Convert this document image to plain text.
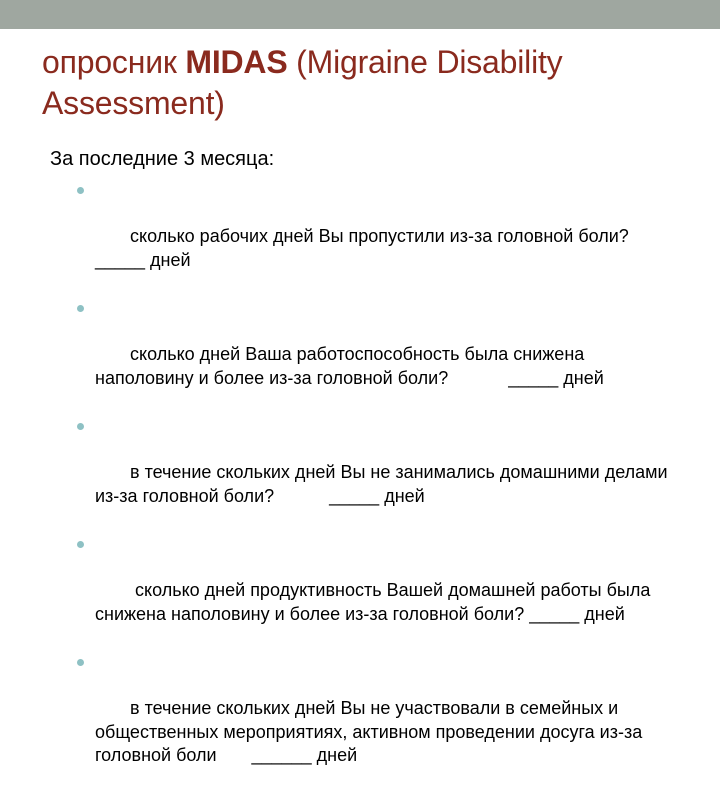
опросник MIDAS (Migraine Disability Assessment)

За последние 3 месяца:

сколько рабочих дней Вы пропустили из-за головной боли? _____ дней

сколько дней Ваша работоспособность была снижена наполовину и более из-за головной боли?            _____ дней

в течение скольких дней Вы не занимались домашними делами из-за головной боли?           _____ дней

сколько дней продуктивность Вашей домашней работы была снижена наполовину и более из-за головной боли? _____ дней

в течение скольких дней Вы не участвовали в семейных и общественных мероприятиях, активном проведении досуга из-за головной боли       ______ дней
